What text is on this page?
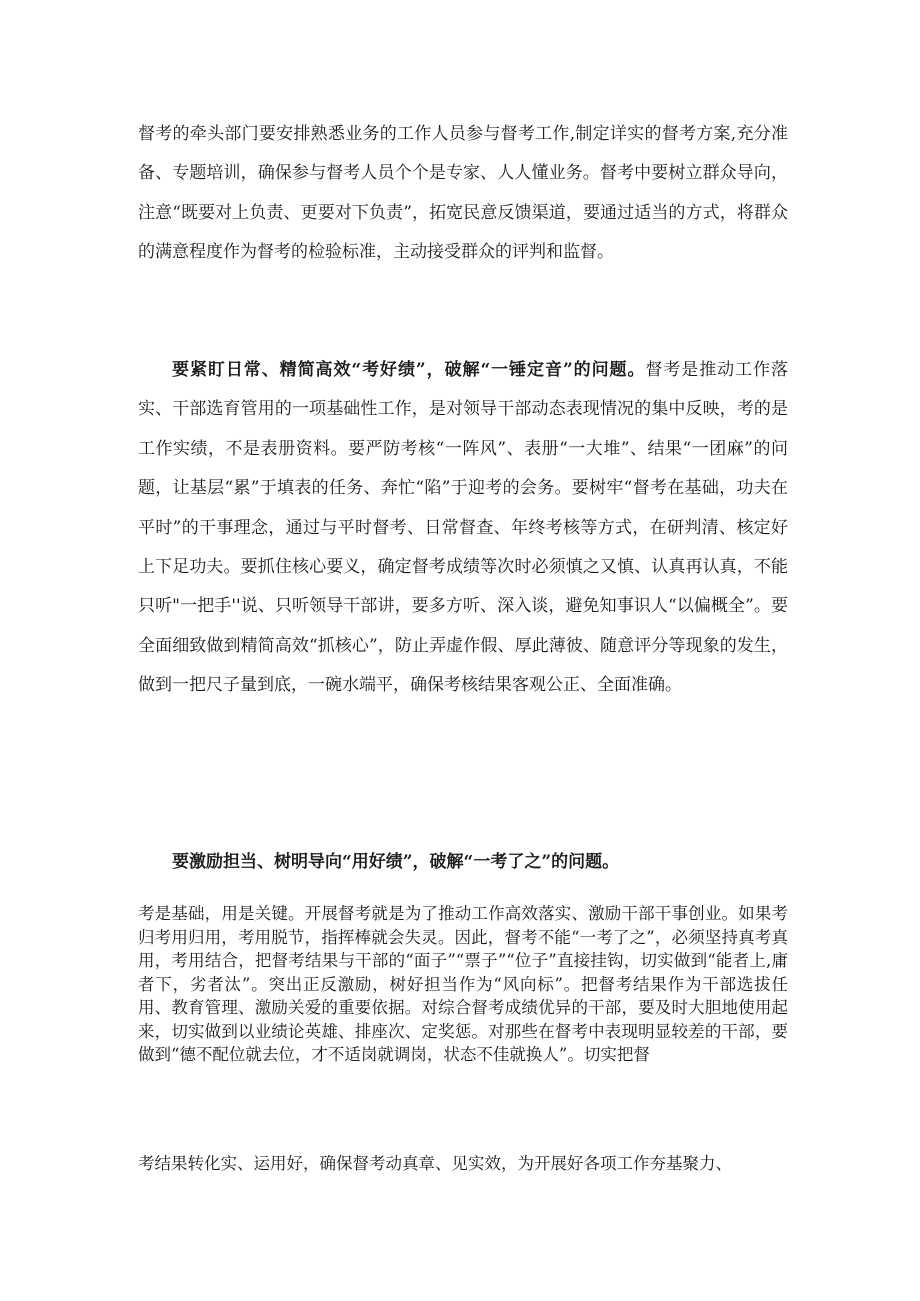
督考的牵头部门要安排熟悉业务的工作人员参与督考工作,制定详实的督考方案,充分准备、专题培训，确保参与督考人员个个是专家、人人懂业务。督考中要树立群众导向，注意“既要对上负责、更要对下负责”，拓宽民意反馈渠道，要通过适当的方式，将群众的满意程度作为督考的检验标准，主动接受群众的评判和监督。

要紧盯日常、精简高效“考好绩”，破解“一锤定音”的问题。督考是推动工作落实、干部选育管用的一项基础性工作，是对领导干部动态表现情况的集中反映，考的是工作实绩，不是表册资料。要严防考核“一阵风”、表册“一大堆”、结果“一团麻”的问题，让基层“累”于填表的任务、奔忙“陷”于迎考的会务。要树牢“督考在基础，功夫在平时”的干事理念，通过与平时督考、日常督查、年终考核等方式，在研判清、核定好上下足功夫。要抓住核心要义，确定督考成绩等次时必须慎之又慎、认真再认真，不能只听"一把手''说、只听领导干部讲，要多方听、深入谈，避免知事识人“以偏概全”。要全面细致做到精简高效“抓核心”，防止弄虚作假、厚此薄彼、随意评分等现象的发生，做到一把尺子量到底，一碗水端平，确保考核结果客观公正、全面准确。

要激励担当、树明导向“用好绩”，破解“一考了之”的问题。

考是基础，用是关键。开展督考就是为了推动工作高效落实、激励干部干事创业。如果考归考用归用，考用脱节，指挥棒就会失灵。因此，督考不能“一考了之”，必须坚持真考真用，考用结合，把督考结果与干部的“面子”“票子”“位子”直接挂钩，切实做到“能者上,庸者下，劣者汰”。突出正反激励，树好担当作为“风向标”。把督考结果作为干部选拔任用、教育管理、激励关爱的重要依据。对综合督考成绩优异的干部，要及时大胆地使用起来，切实做到以业绩论英雄、排座次、定奖惩。对那些在督考中表现明显较差的干部，要做到“德不配位就去位，才不适岗就调岗，状态不佳就换人”。切实把督

考结果转化实、运用好，确保督考动真章、见实效，为开展好各项工作夯基聚力、
